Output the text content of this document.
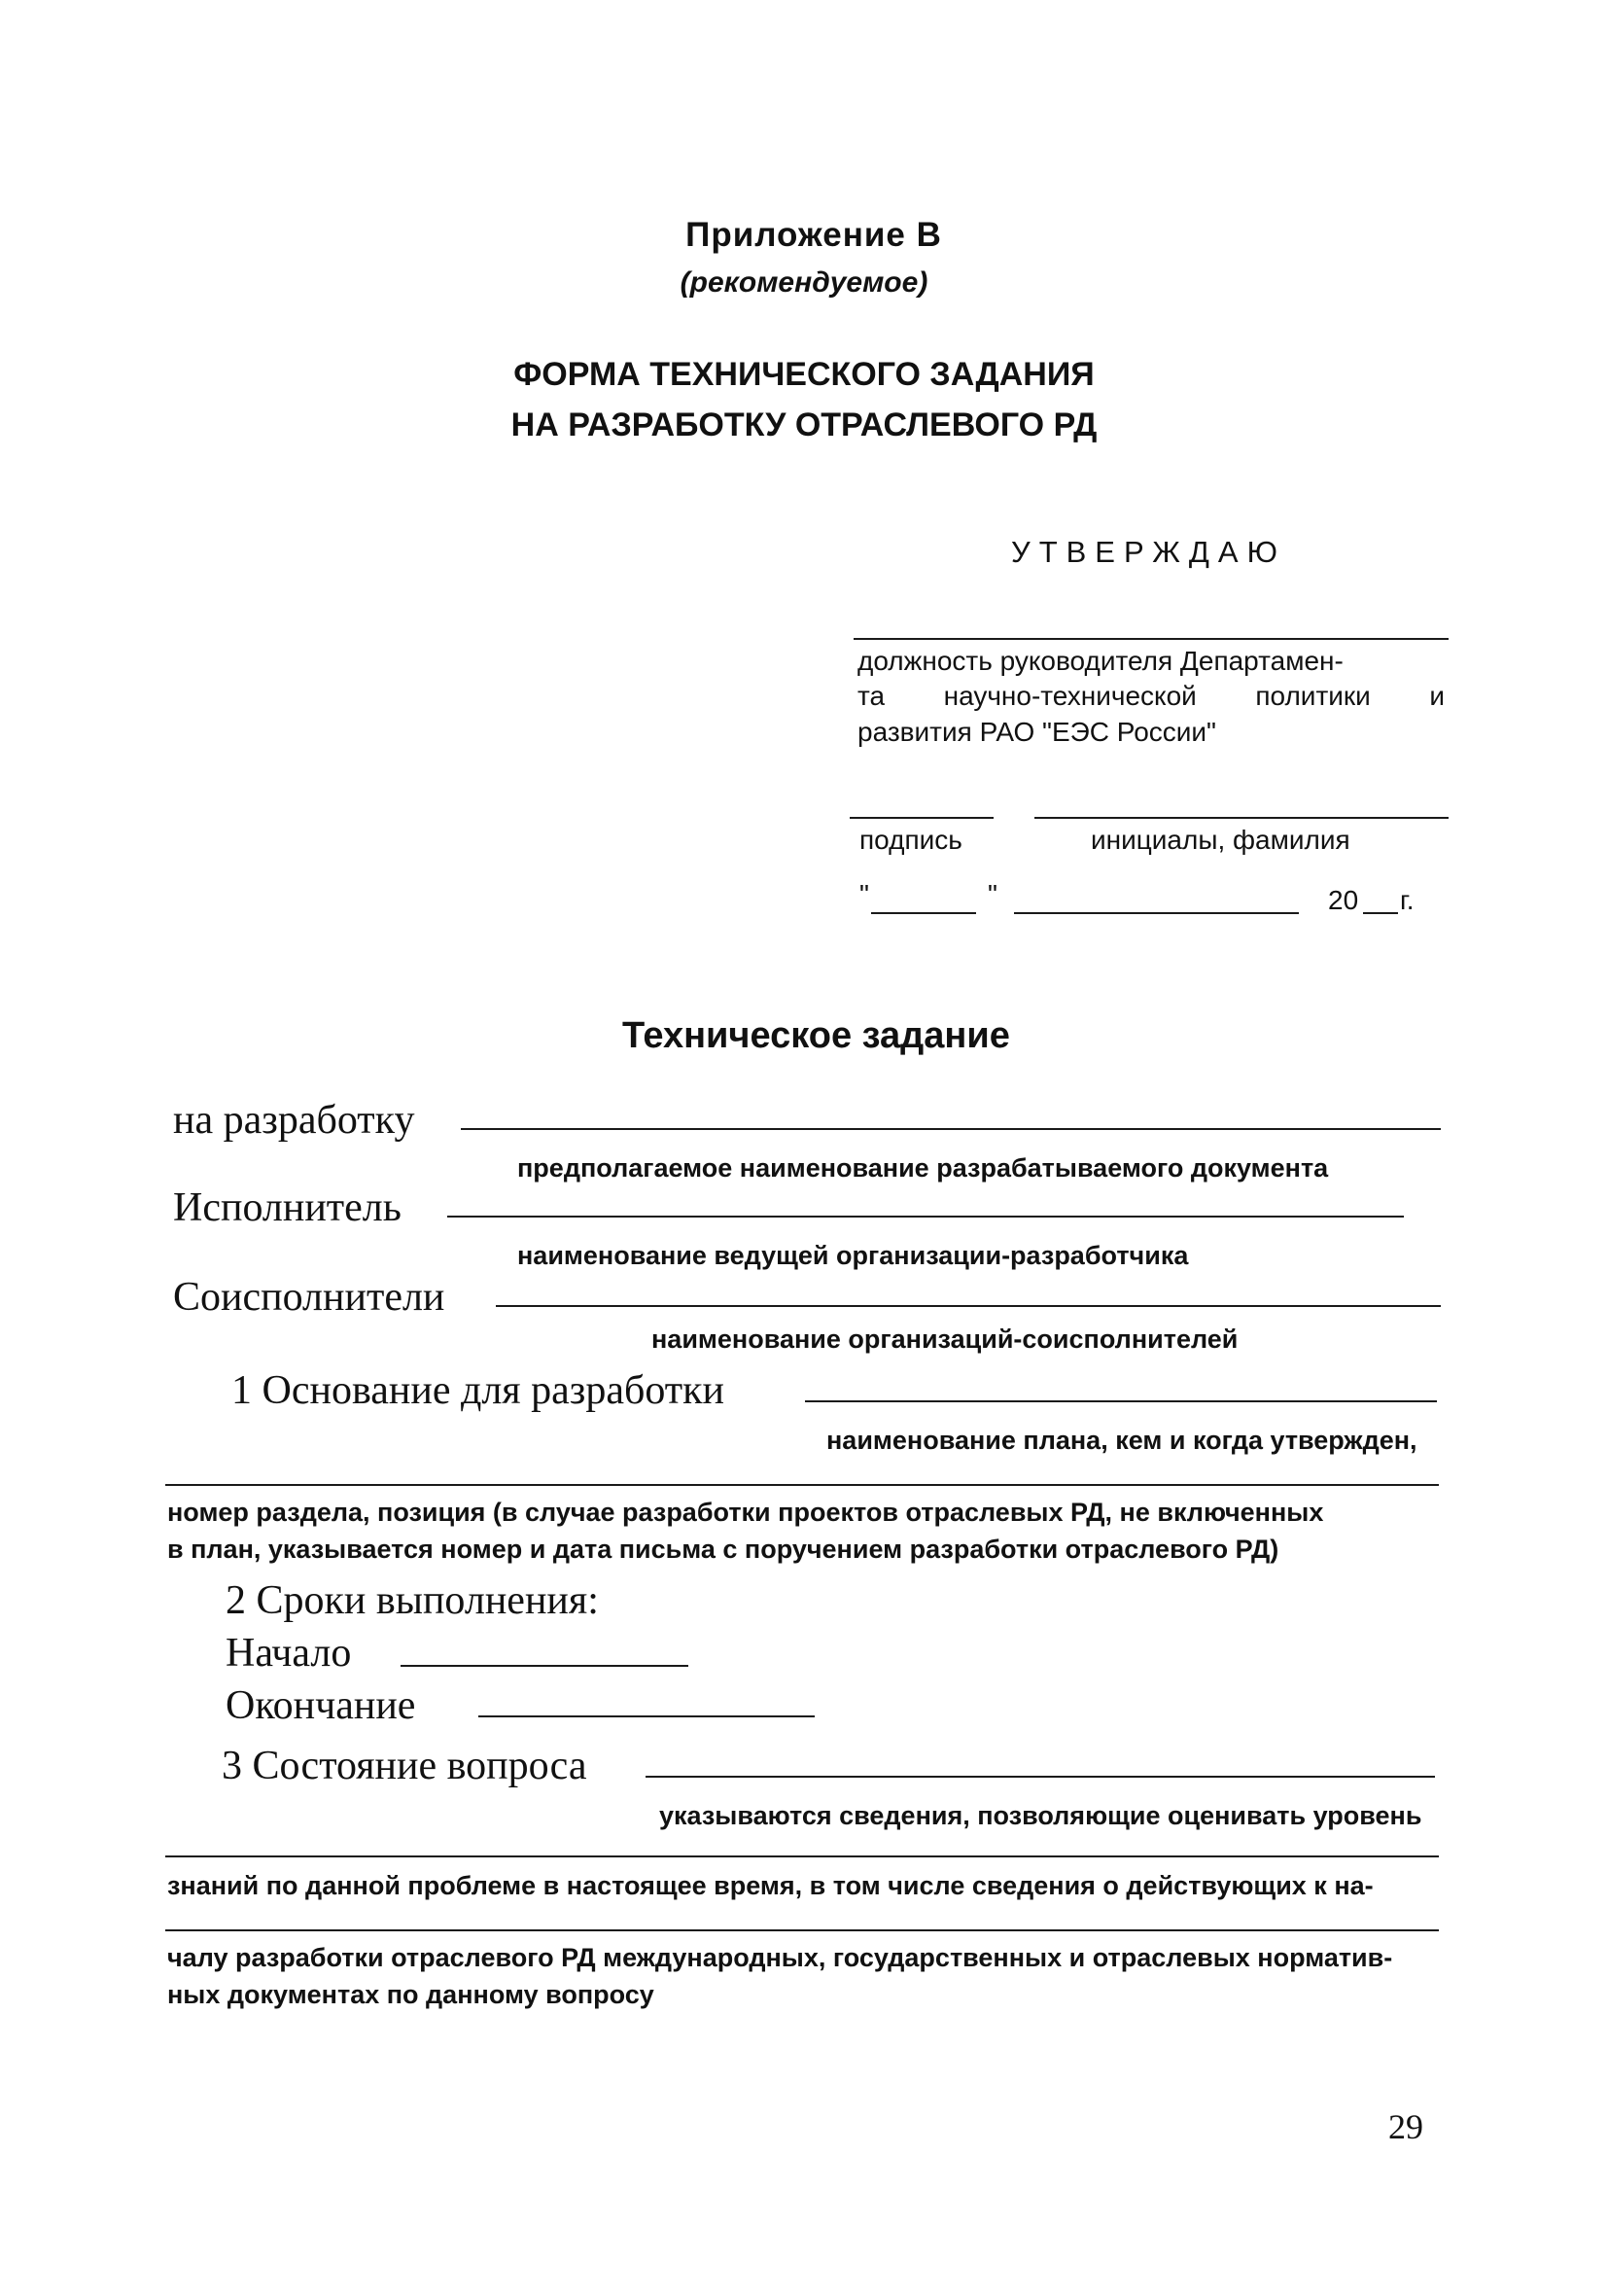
Приложение В
(рекомендуемое)
ФОРМА ТЕХНИЧЕСКОГО ЗАДАНИЯ
НА РАЗРАБОТКУ ОТРАСЛЕВОГО РД
УТВЕРЖДАЮ
должность руководителя Департамен-
та научно-технической политики и
развития РАО "ЕЭС России"
подпись	инициалы, фамилия
"	"	20 г.
Техническое задание
на разработку
предполагаемое наименование разрабатываемого документа
Исполнитель
наименование ведущей организации-разработчика
Соисполнители
наименование организаций-соисполнителей
1 Основание для разработки
наименование плана, кем и когда утвержден,
номер раздела, позиция (в случае разработки проектов отраслевых РД, не включенных
в план, указывается номер и дата письма с поручением разработки отраслевого РД)
2 Сроки выполнения:
Начало
Окончание
3 Состояние вопроса
указываются сведения, позволяющие оценивать уровень
знаний по данной проблеме в настоящее время, в том числе сведения о действующих к на-
чалу разработки отраслевого РД международных, государственных и отраслевых норматив-
ных документах по данному вопросу
29
